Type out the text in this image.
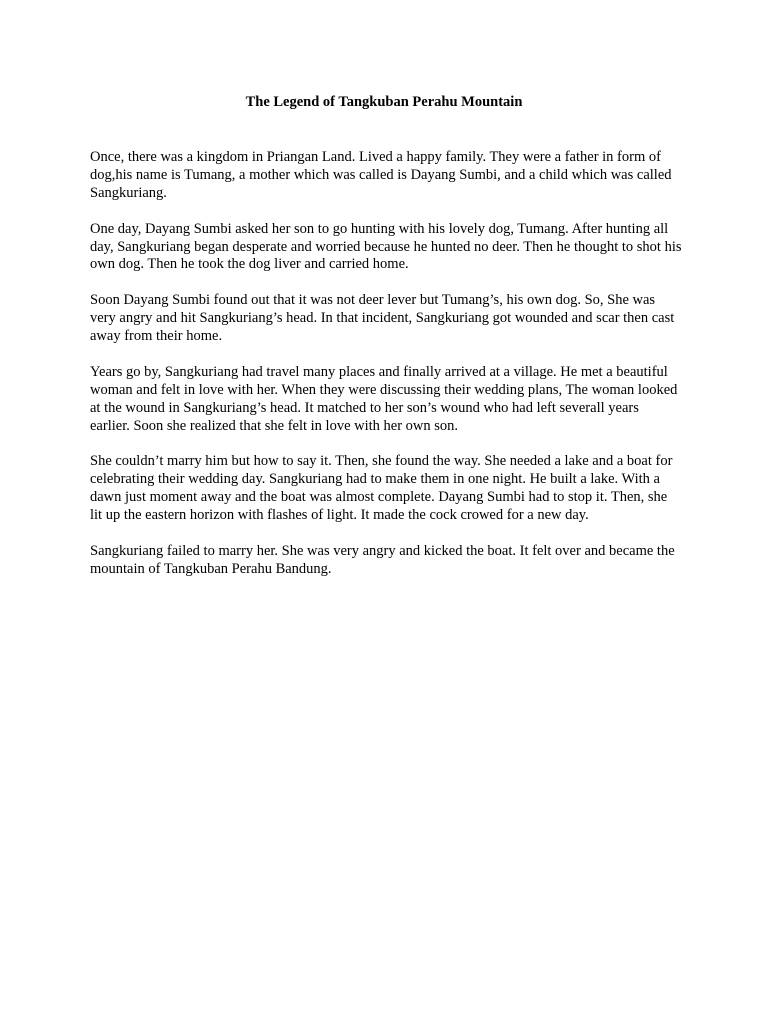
The Legend of Tangkuban Perahu Mountain

Once, there was a kingdom in Priangan Land. Lived a happy family. They were a father in form of dog,his name is Tumang, a mother which was called is Dayang Sumbi, and a child which was called Sangkuriang.

One day, Dayang Sumbi asked her son to go hunting with his lovely dog, Tumang. After hunting all day, Sangkuriang began desperate and worried because he hunted no deer. Then he thought to shot his own dog. Then he took the dog liver and carried home.

Soon Dayang Sumbi found out that it was not deer lever but Tumang’s, his own dog. So, She was very angry and hit Sangkuriang’s head. In that incident, Sangkuriang got wounded and scar then cast away from their home.

Years go by, Sangkuriang had travel many places and finally arrived at a village. He met a beautiful woman and felt in love with her. When they were discussing their wedding plans, The woman looked at the wound in Sangkuriang’s head. It matched to her son’s wound who had left severall years earlier. Soon she realized that she felt in love with her own son.

She couldn’t marry him but how to say it. Then, she found the way. She needed a lake and a boat for celebrating their wedding day. Sangkuriang had to make them in one night. He built a lake. With a dawn just moment away and the boat was almost complete. Dayang Sumbi had to stop it. Then, she lit up the eastern horizon with flashes of light. It made the cock crowed for a new day.

Sangkuriang failed to marry her. She was very angry and kicked the boat. It felt over and became the mountain of Tangkuban Perahu Bandung.
